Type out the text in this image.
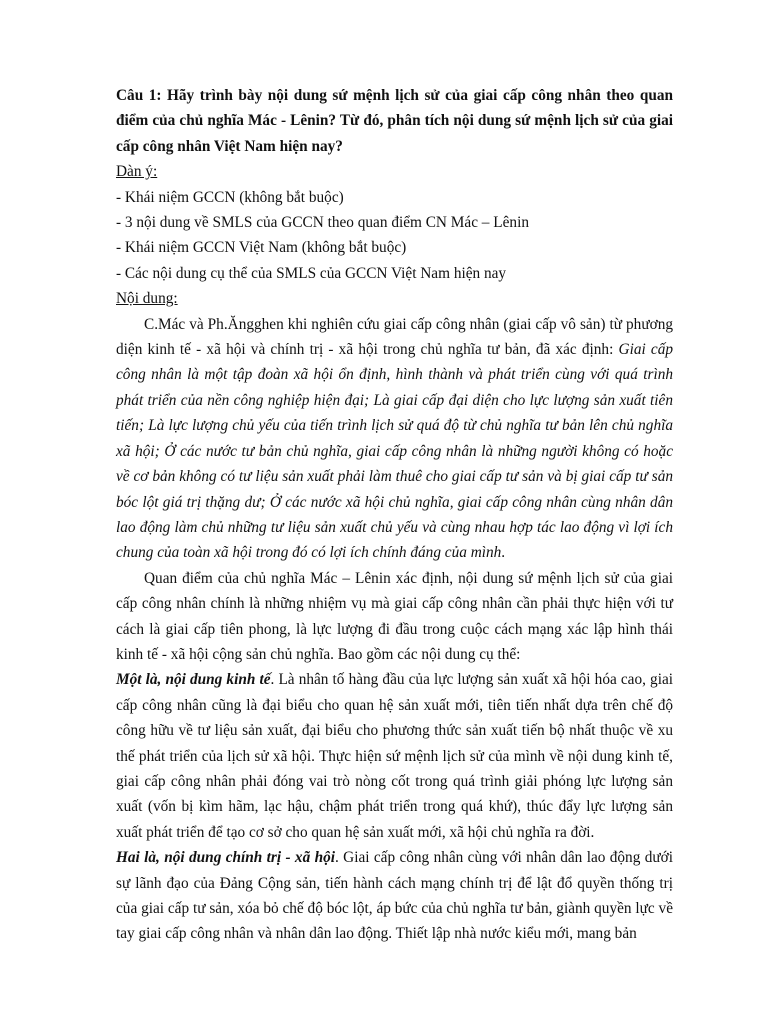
Câu 1: Hãy trình bày nội dung sứ mệnh lịch sử của giai cấp công nhân theo quan điểm của chủ nghĩa Mác - Lênin? Từ đó, phân tích nội dung sứ mệnh lịch sử của giai cấp công nhân Việt Nam hiện nay?

Dàn ý:

- Khái niệm GCCN (không bắt buộc)

- 3 nội dung về SMLS của GCCN theo quan điểm CN Mác – Lênin

- Khái niệm GCCN Việt Nam (không bắt buộc)

- Các nội dung cụ thể của SMLS của GCCN Việt Nam hiện nay

Nội dung:

C.Mác và Ph.Ăngghen khi nghiên cứu giai cấp công nhân (giai cấp vô sản) từ phương diện kinh tế - xã hội và chính trị - xã hội trong chủ nghĩa tư bản, đã xác định: Giai cấp công nhân là một tập đoàn xã hội ổn định, hình thành và phát triển cùng với quá trình phát triển của nền công nghiệp hiện đại; Là giai cấp đại diện cho lực lượng sản xuất tiên tiến; Là lực lượng chủ yếu của tiến trình lịch sử quá độ từ chủ nghĩa tư bản lên chủ nghĩa xã hội; Ở các nước tư bản chủ nghĩa, giai cấp công nhân là những người không có hoặc về cơ bản không có tư liệu sản xuất phải làm thuê cho giai cấp tư sản và bị giai cấp tư sản bóc lột giá trị thặng dư; Ở các nước xã hội chủ nghĩa, giai cấp công nhân cùng nhân dân lao động làm chủ những tư liệu sản xuất chủ yếu và cùng nhau hợp tác lao động vì lợi ích chung của toàn xã hội trong đó có lợi ích chính đáng của mình.

Quan điểm của chủ nghĩa Mác – Lênin xác định, nội dung sứ mệnh lịch sử của giai cấp công nhân chính là những nhiệm vụ mà giai cấp công nhân cần phải thực hiện với tư cách là giai cấp tiên phong, là lực lượng đi đầu trong cuộc cách mạng xác lập hình thái kinh tế - xã hội cộng sản chủ nghĩa. Bao gồm các nội dung cụ thể:

Một là, nội dung kinh tế. Là nhân tố hàng đầu của lực lượng sản xuất xã hội hóa cao, giai cấp công nhân cũng là đại biểu cho quan hệ sản xuất mới, tiên tiến nhất dựa trên chế độ công hữu về tư liệu sản xuất, đại biểu cho phương thức sản xuất tiến bộ nhất thuộc về xu thế phát triển của lịch sử xã hội. Thực hiện sứ mệnh lịch sử của mình về nội dung kinh tế, giai cấp công nhân phải đóng vai trò nòng cốt trong quá trình giải phóng lực lượng sản xuất (vốn bị kìm hãm, lạc hậu, chậm phát triển trong quá khứ), thúc đẩy lực lượng sản xuất phát triển để tạo cơ sở cho quan hệ sản xuất mới, xã hội chủ nghĩa ra đời.

Hai là, nội dung chính trị - xã hội. Giai cấp công nhân cùng với nhân dân lao động dưới sự lãnh đạo của Đảng Cộng sản, tiến hành cách mạng chính trị để lật đổ quyền thống trị của giai cấp tư sản, xóa bỏ chế độ bóc lột, áp bức của chủ nghĩa tư bản, giành quyền lực về tay giai cấp công nhân và nhân dân lao động. Thiết lập nhà nước kiểu mới, mang bản
